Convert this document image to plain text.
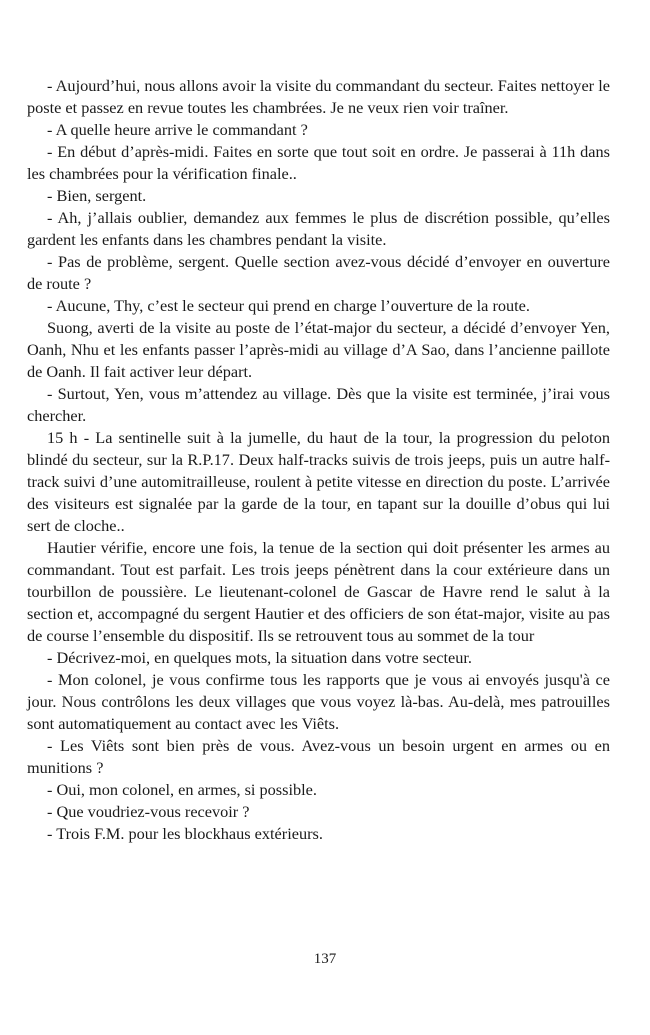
- Aujourd’hui, nous allons avoir la visite du commandant du secteur. Faites nettoyer le poste et passez en revue toutes les chambrées. Je ne veux rien voir traîner.

- A quelle heure arrive le commandant ?

- En début d’après-midi. Faites en sorte que tout soit en ordre. Je passerai à 11h dans les chambrées pour la vérification finale..

- Bien, sergent.

- Ah, j’allais oublier, demandez aux femmes le plus de discrétion possible, qu’elles gardent les enfants dans les chambres pendant la visite.

- Pas de problème, sergent. Quelle section avez-vous décidé d’envoyer en ouverture de route ?

- Aucune, Thy, c’est le secteur qui prend en charge l’ouverture de la route.

Suong, averti de la visite au poste de l’état-major du secteur, a décidé d’envoyer Yen, Oanh, Nhu et les enfants passer l’après-midi au village d’A Sao, dans l’ancienne paillote de Oanh. Il fait activer leur départ.

- Surtout, Yen, vous m’attendez au village. Dès que la visite est terminée, j’irai vous chercher.

15 h - La sentinelle suit à la jumelle, du haut de la tour, la progression du peloton blindé du secteur, sur la R.P.17. Deux half-tracks suivis de trois jeeps, puis un autre half-track suivi d’une automitrailleuse, roulent à petite vitesse en direction du poste. L’arrivée des visiteurs est signalée par la garde de la tour, en tapant sur la douille d’obus qui lui sert de cloche..

Hautier vérifie, encore une fois, la tenue de la section qui doit présenter les armes au commandant. Tout est parfait. Les trois jeeps pénètrent dans la cour extérieure dans un tourbillon de poussière. Le lieutenant-colonel de Gascar de Havre rend le salut à la section et, accompagné du sergent Hautier et des officiers de son état-major, visite au pas de course l’ensemble du dispositif. Ils se retrouvent tous au sommet de la tour

- Décrivez-moi, en quelques mots, la situation dans votre secteur.

- Mon colonel, je vous confirme tous les rapports que je vous ai envoyés jusqu'à ce jour. Nous contrôlons les deux villages que vous voyez là-bas. Au-delà, mes patrouilles sont automatiquement au contact avec les Viêts.

- Les Viêts sont bien près de vous. Avez-vous un besoin urgent en armes ou en munitions ?

- Oui, mon colonel, en armes, si possible.

- Que voudriez-vous recevoir ?

- Trois F.M. pour les blockhaus extérieurs.

137
